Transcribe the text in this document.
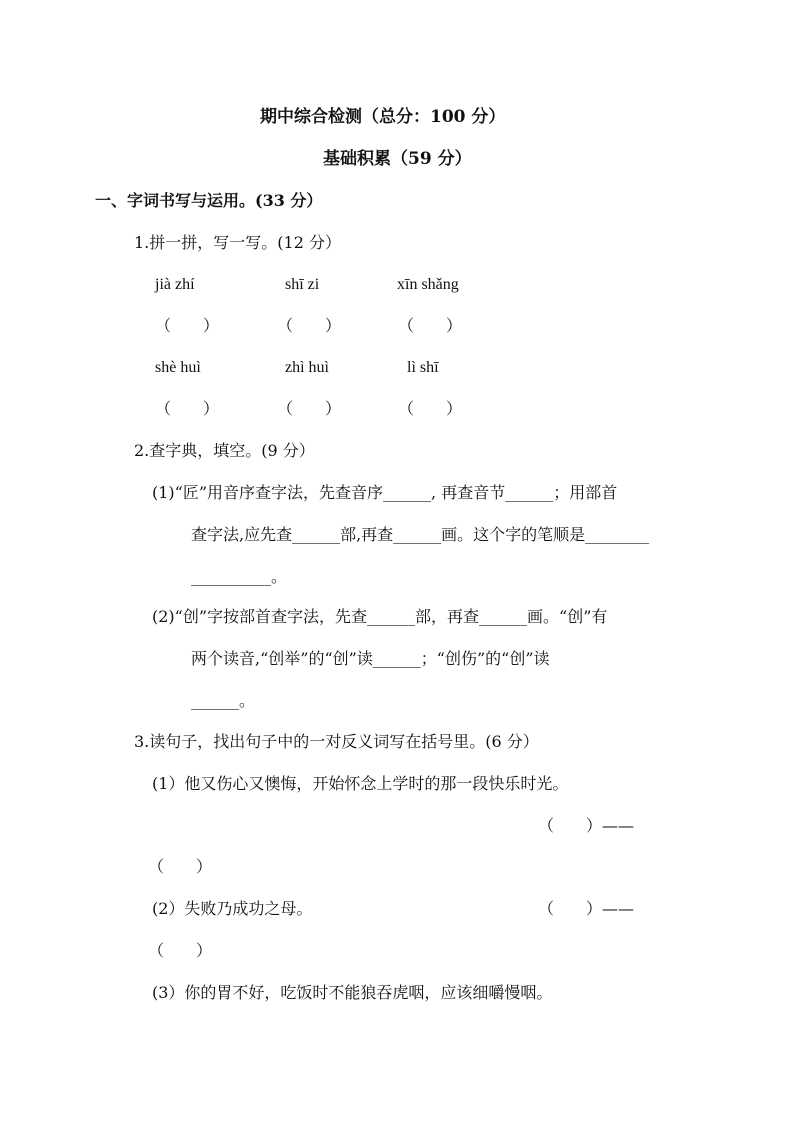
期中综合检测（总分：100 分）
基础积累（59 分）
一、字词书写与运用。(33 分）
1.拼一拼，写一写。(12 分）
jià zhí	shī zi	xīn shǎng
（　　）	（　　）	（　　）
shè huì	zhì huì	lì shī
（　　）	（　　）	（　　）
2.查字典，填空。(9 分）
(1)“匠”用音序查字法，先查音序______, 再查音节______；用部首
查字法,应先查______部,再查______画。这个字的笔顺是________
__________。
(2)“创”字按部首查字法，先查______部，再查______画。“创”有
两个读音,“创举”的“创”读______；“创伤”的“创”读
______。
3.读句子，找出句子中的一对反义词写在括号里。(6 分）
(1）他又伤心又懊悔，开始怀念上学时的那一段快乐时光。
（　　）——
（　　）
(2）失败乃成功之母。	（　　）——
（　　）
(3）你的胃不好，吃饭时不能狼吞虎咽，应该细嚼慢咽。
